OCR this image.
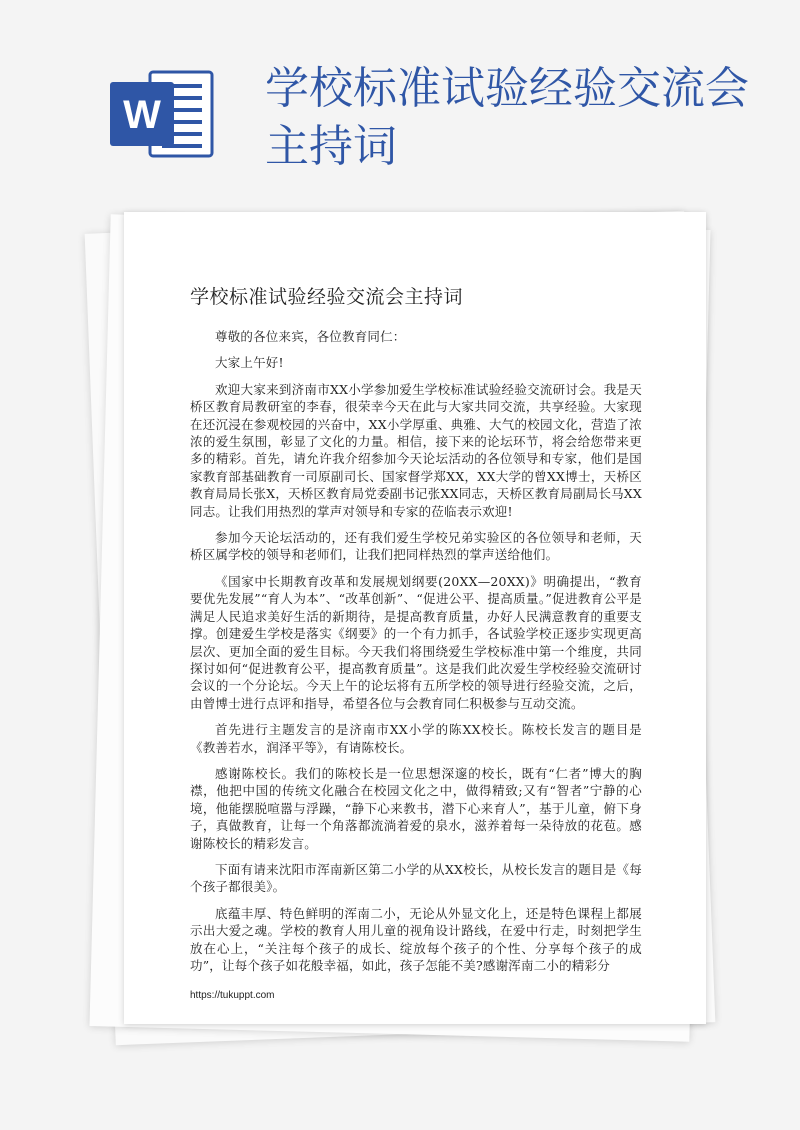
W
学校标准试验经验交流会主持词
学校标准试验经验交流会主持词

尊敬的各位来宾，各位教育同仁：

大家上午好!

欢迎大家来到济南市XX小学参加爱生学校标准试验经验交流研讨会。我是天桥区教育局教研室的李春，很荣幸今天在此与大家共同交流，共享经验。大家现在还沉浸在参观校园的兴奋中，XX小学厚重、典雅、大气的校园文化，营造了浓浓的爱生氛围，彰显了文化的力量。相信，接下来的论坛环节，将会给您带来更多的精彩。首先，请允许我介绍参加今天论坛活动的各位领导和专家，他们是国家教育部基础教育一司原副司长、国家督学郑XX，XX大学的曾XX博士，天桥区教育局局长张X，天桥区教育局党委副书记张XX同志，天桥区教育局副局长马XX同志。让我们用热烈的掌声对领导和专家的莅临表示欢迎!

参加今天论坛活动的，还有我们爱生学校兄弟实验区的各位领导和老师，天桥区属学校的领导和老师们，让我们把同样热烈的掌声送给他们。

《国家中长期教育改革和发展规划纲要(20XX—20XX)》明确提出，“教育要优先发展”“育人为本”、“改革创新”、“促进公平、提高质量。”促进教育公平是满足人民追求美好生活的新期待，是提高教育质量，办好人民满意教育的重要支撑。创建爱生学校是落实《纲要》的一个有力抓手，各试验学校正逐步实现更高层次、更加全面的爱生目标。今天我们将围绕爱生学校标准中第一个维度，共同探讨如何“促进教育公平，提高教育质量”。这是我们此次爱生学校经验交流研讨会议的一个分论坛。今天上午的论坛将有五所学校的领导进行经验交流，之后，由曾博士进行点评和指导，希望各位与会教育同仁积极参与互动交流。

首先进行主题发言的是济南市XX小学的陈XX校长。陈校长发言的题目是《教善若水，润泽平等》，有请陈校长。

感谢陈校长。我们的陈校长是一位思想深邃的校长，既有“仁者”博大的胸襟，他把中国的传统文化融合在校园文化之中，做得精致;又有“智者”宁静的心境，他能摆脱喧嚣与浮躁，“静下心来教书，潜下心来育人”，基于儿童，俯下身子，真做教育，让每一个角落都流淌着爱的泉水，滋养着每一朵待放的花苞。感谢陈校长的精彩发言。

下面有请来沈阳市浑南新区第二小学的从XX校长，从校长发言的题目是《每个孩子都很美》。

底蕴丰厚、特色鲜明的浑南二小，无论从外显文化上，还是特色课程上都展示出大爱之魂。学校的教育人用儿童的视角设计路线，在爱中行走，时刻把学生放在心上，“关注每个孩子的成长、绽放每个孩子的个性、分享每个孩子的成功”，让每个孩子如花般幸福，如此，孩子怎能不美?感谢浑南二小的精彩分

https://tukuppt.com
